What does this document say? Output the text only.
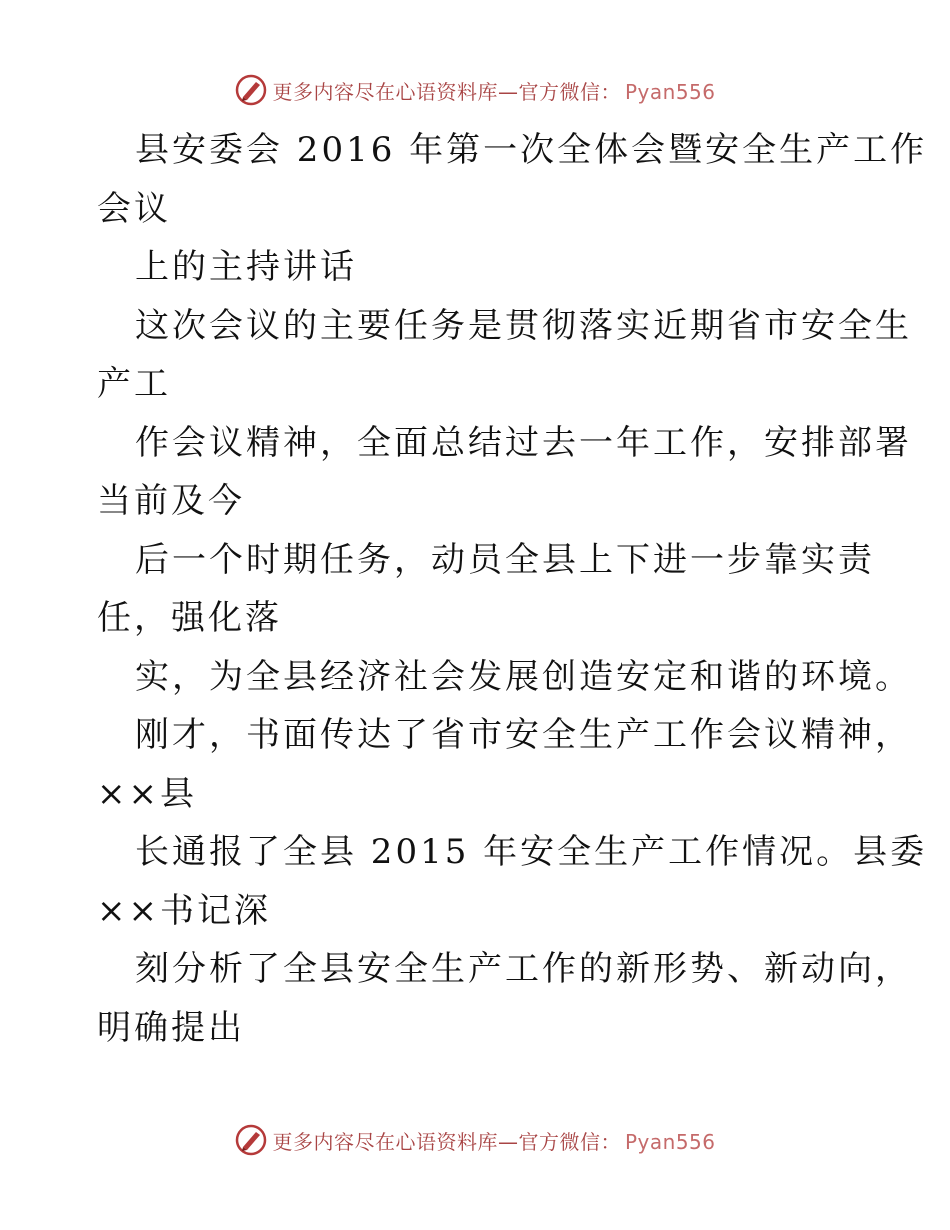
更多内容尽在心语资料库—官方微信： Pyan556
县安委会 2016 年第一次全体会暨安全生产工作
会议
上的主持讲话
这次会议的主要任务是贯彻落实近期省市安全生
产工
作会议精神，全面总结过去一年工作，安排部署
当前及今
后一个时期任务，动员全县上下进一步靠实责
任，强化落
实，为全县经济社会发展创造安定和谐的环境。
刚才，书面传达了省市安全生产工作会议精神，
××县
长通报了全县 2015 年安全生产工作情况。县委
××书记深
刻分析了全县安全生产工作的新形势、新动向，
明确提出
更多内容尽在心语资料库—官方微信： Pyan556
